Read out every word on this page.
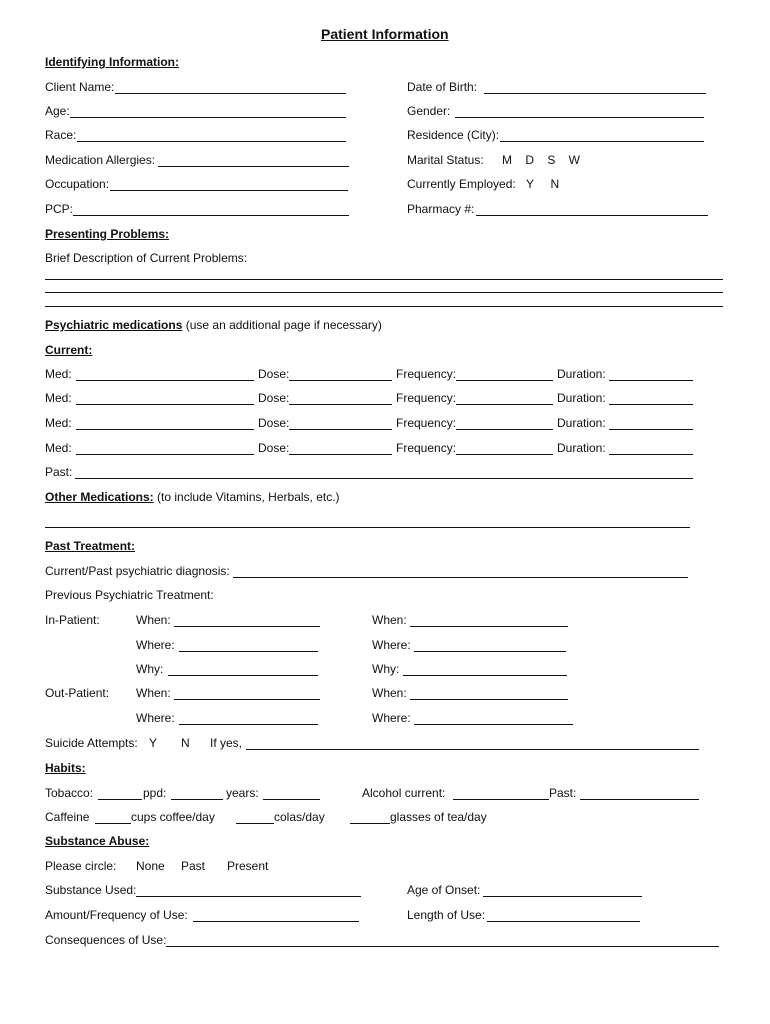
Patient Information
Identifying Information:
Client Name:	Date of Birth:
Age:	Gender:
Race:	Residence (City):
Medication Allergies:	Marital Status: M    D    S    W
Occupation:	Currently Employed: Y     N
PCP:	Pharmacy #:
Presenting Problems:
Brief Description of Current Problems:
Psychiatric medications (use an additional page if necessary)
Current:
Med:	Dose:	Frequency:	Duration:
Med:	Dose:	Frequency:	Duration:
Med:	Dose:	Frequency:	Duration:
Med:	Dose:	Frequency:	Duration:
Past:
Other Medications: (to include Vitamins, Herbals, etc.)
Past Treatment:
Current/Past psychiatric diagnosis:
Previous Psychiatric Treatment:
In-Patient:	When:	When:
Where:	Where:
Why:	Why:
Out-Patient: When:	When:
Where:	Where:
Suicide Attempts: Y N If yes,
Habits:
Tobacco:	ppd:	years:	Alcohol current:	Past:
Caffeine	cups coffee/day	colas/day	glasses of tea/day
Substance Abuse:
Please circle: None Past Present
Substance Used:	Age of Onset:
Amount/Frequency of Use:	Length of Use:
Consequences of Use:
